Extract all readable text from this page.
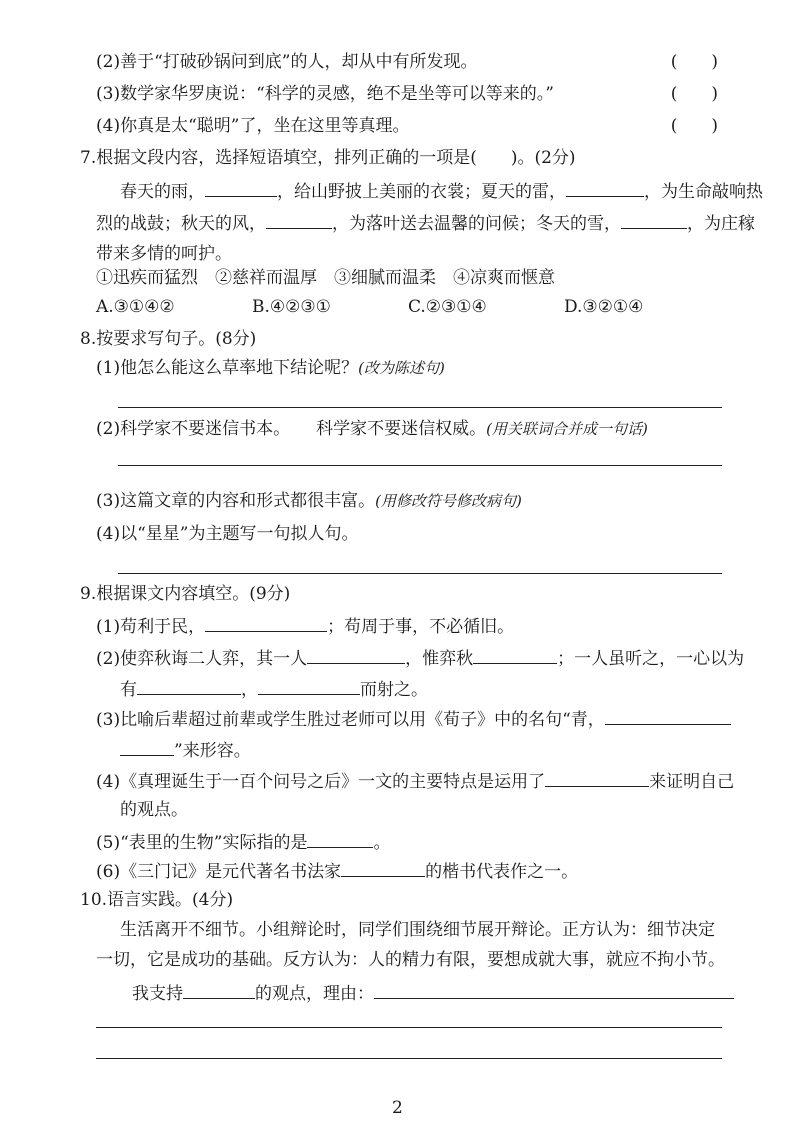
(2)善于“打破砂锅问到底”的人，却从中有所发现。	(　　)
(3)数学家华罗庚说：“科学的灵感，绝不是坐等可以等来的。”	(　　)
(4)你真是太“聪明”了，坐在这里等真理。	(　　)
7.根据文段内容，选择短语填空，排列正确的一项是(　　)。(2分)
春天的雨，	，给山野披上美丽的衣裳；夏天的雷，	，为生命敲响热
烈的战鼓；秋天的风，	，为落叶送去温馨的问候；冬天的雪，	，为庄稼
带来多情的呵护。
①迅疾而猛烈　②慈祥而温厚　③细腻而温柔　④凉爽而惬意
A.③①④②	B.④②③①	C.②③①④	D.③②①④
8.按要求写句子。(8分)
(1)他怎么能这么草率地下结论呢？(改为陈述句)
(2)科学家不要迷信书本。 科学家不要迷信权威。(用关联词合并成一句话)
(3)这篇文章的内容和形式都很丰富。(用修改符号修改病句)
(4)以“星星”为主题写一句拟人句。
9.根据课文内容填空。(9分)
(1)苟利于民，	；苟周于事，不必循旧。
(2)使弈秋诲二人弈，其一人	，惟弈秋	；一人虽听之，一心以为
有	，	而射之。
(3)比喻后辈超过前辈或学生胜过老师可以用《荀子》中的名句“青，
”来形容。
(4)《真理诞生于一百个问号之后》一文的主要特点是运用了	来证明自己
的观点。
(5)“表里的生物”实际指的是	。
(6)《三门记》是元代著名书法家	的楷书代表作之一。
10.语言实践。(4分)
生活离开不细节。小组辩论时，同学们围绕细节展开辩论。正方认为：细节决定
一切，它是成功的基础。反方认为：人的精力有限，要想成就大事，就应不拘小节。
我支持	的观点，理由：
2
